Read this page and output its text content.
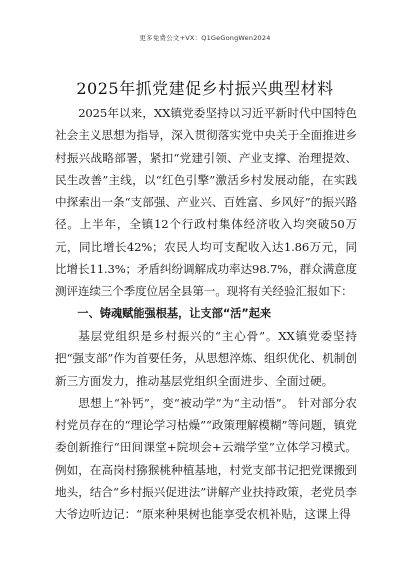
更多免费公文+VX：Q1GeGongWen2024
2025年抓党建促乡村振兴典型材料

2025年以来，XX镇党委坚持以习近平新时代中国特色社会主义思想为指导，深入贯彻落实党中央关于全面推进乡村振兴战略部署，紧扣“党建引领、产业支撑、治理提效、民生改善”主线，以“红色引擎”激活乡村发展动能，在实践中探索出一条“支部强、产业兴、百姓富、乡风好”的振兴路径。上半年，全镇12个行政村集体经济收入均突破50万元，同比增长42%；农民人均可支配收入达1.86万元，同比增长11.3%；矛盾纠纷调解成功率达98.7%，群众满意度测评连续三个季度位居全县第一。现将有关经验汇报如下：

一、铸魂赋能强根基，让支部“活”起来

基层党组织是乡村振兴的“主心骨”。XX镇党委坚持把“强支部”作为首要任务，从思想淬炼、组织优化、机制创新三方面发力，推动基层党组织全面进步、全面过硬。

思想上“补钙”，变“被动学”为“主动悟”。 针对部分农村党员存在的“理论学习枯燥”“政策理解模糊”等问题，镇党委创新推行“田间课堂+院坝会+云端学堂”立体学习模式。例如，在高岗村猕猴桃种植基地，村党支部书记把党课搬到地头，结合“乡村振兴促进法”讲解产业扶持政策，老党员李大爷边听边记：“原来种果树也能享受农机补贴，这课上得
